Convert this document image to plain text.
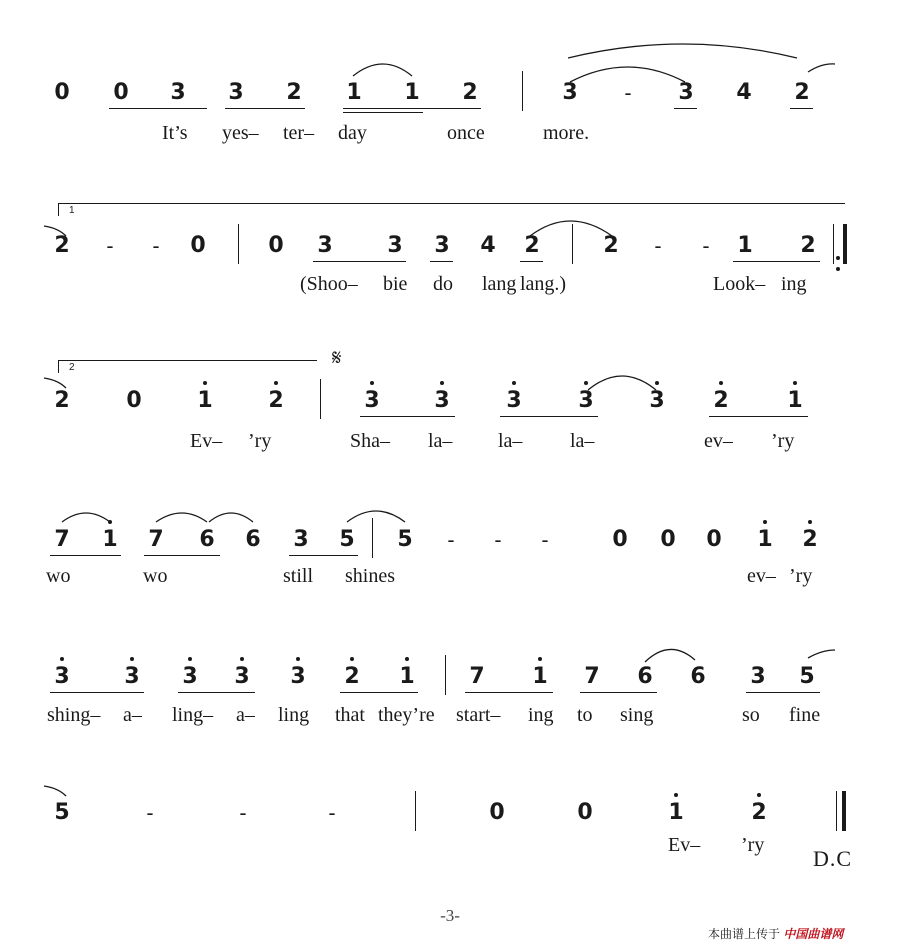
0 0 3 3 2 1 1 2	3	-	3 4 2
It’s yes– ter– day	once	more.
2	-	-	0	0 3 3 3 4 2	2	-	-	1 2
(Shoo– bie do lang lang.)	Look– ing
2	0	1	2	3 3	3	3	3 2	1
Ev– ’ry	Sha– la– la– la–	ev– ’ry
7 1 7 6 6 3 5 5	-	-	-	0 0 0 1 2
wo	wo	still shines	ev– ’ry
3 3 3 3 3 2 1 7 1 7 6 6 3 5
shing– a– ling– a– ling that they’re start– ing to sing	so fine
5	-	-	-	0	0	1	2
Ev– ’ry
1
2	𝄋
D.C
-3-
本曲谱上传于 中国曲谱网
